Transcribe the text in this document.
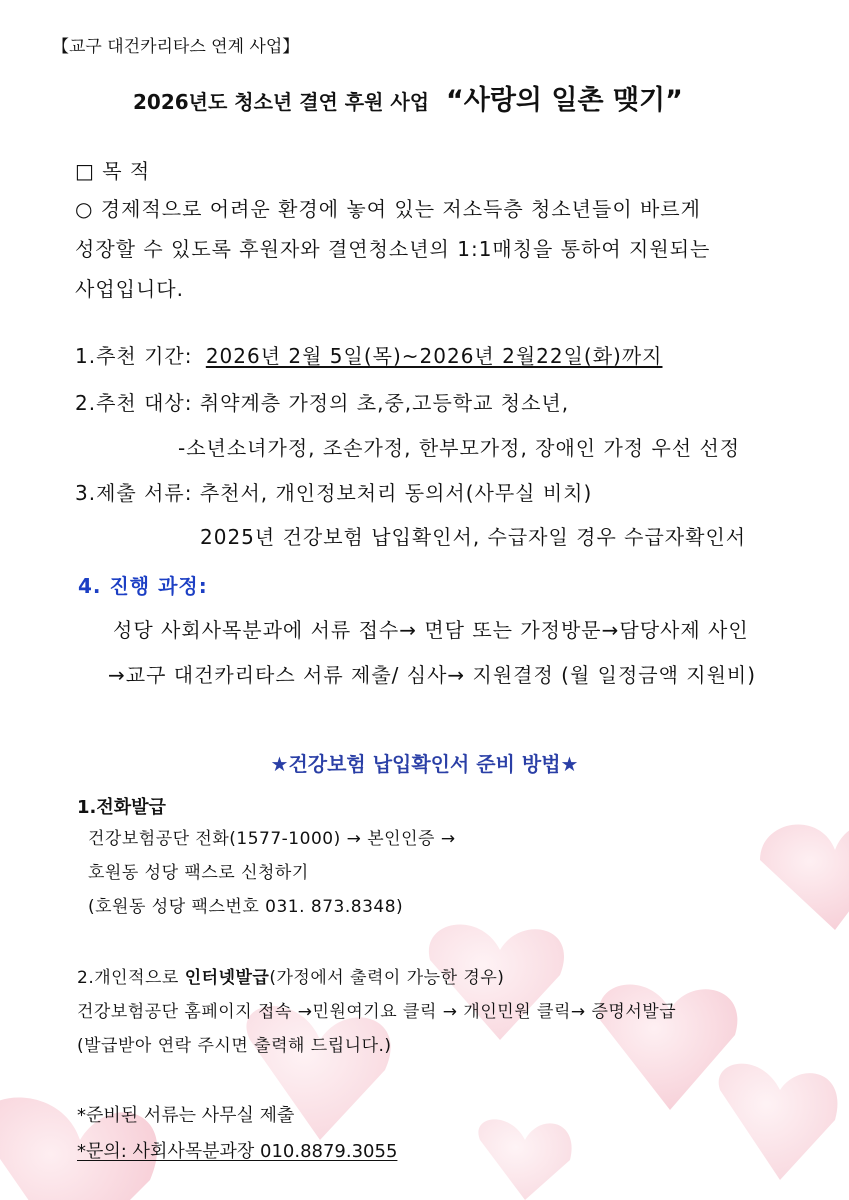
【교구 대건카리타스 연계 사업】
2026년도 청소년 결연 후원 사업 “사랑의 일촌 맺기”
□ 목 적
○ 경제적으로 어려운 환경에 놓여 있는 저소득층 청소년들이 바르게
성장할 수 있도록 후원자와 결연청소년의 1:1매칭을 통하여 지원되는
사업입니다.
1.추천 기간: 2026년 2월 5일(목)~2026년 2월22일(화)까지
2.추천 대상: 취약계층 가정의 초,중,고등학교 청소년,
-소년소녀가정, 조손가정, 한부모가정, 장애인 가정 우선 선정
3.제출 서류: 추천서, 개인정보처리 동의서(사무실 비치)
2025년 건강보험 납입확인서, 수급자일 경우 수급자확인서
4. 진행 과정:
성당 사회사목분과에 서류 접수→ 면담 또는 가정방문→담당사제 사인
→교구 대건카리타스 서류 제출/ 심사→ 지원결정 (월 일정금액 지원비)
★건강보험 납입확인서 준비 방법★
1.전화발급
건강보험공단 전화(1577-1000) → 본인인증 →
호원동 성당 팩스로 신청하기
(호원동 성당 팩스번호 031. 873.8348)
2.개인적으로 인터넷발급(가정에서 출력이 가능한 경우)
건강보험공단 홈페이지 접속 →민원여기요 클릭 → 개인민원 클릭→ 증명서발급
(발급받아 연락 주시면 출력해 드립니다.)
*준비된 서류는 사무실 제출
*문의: 사회사목분과장 010.8879.3055
